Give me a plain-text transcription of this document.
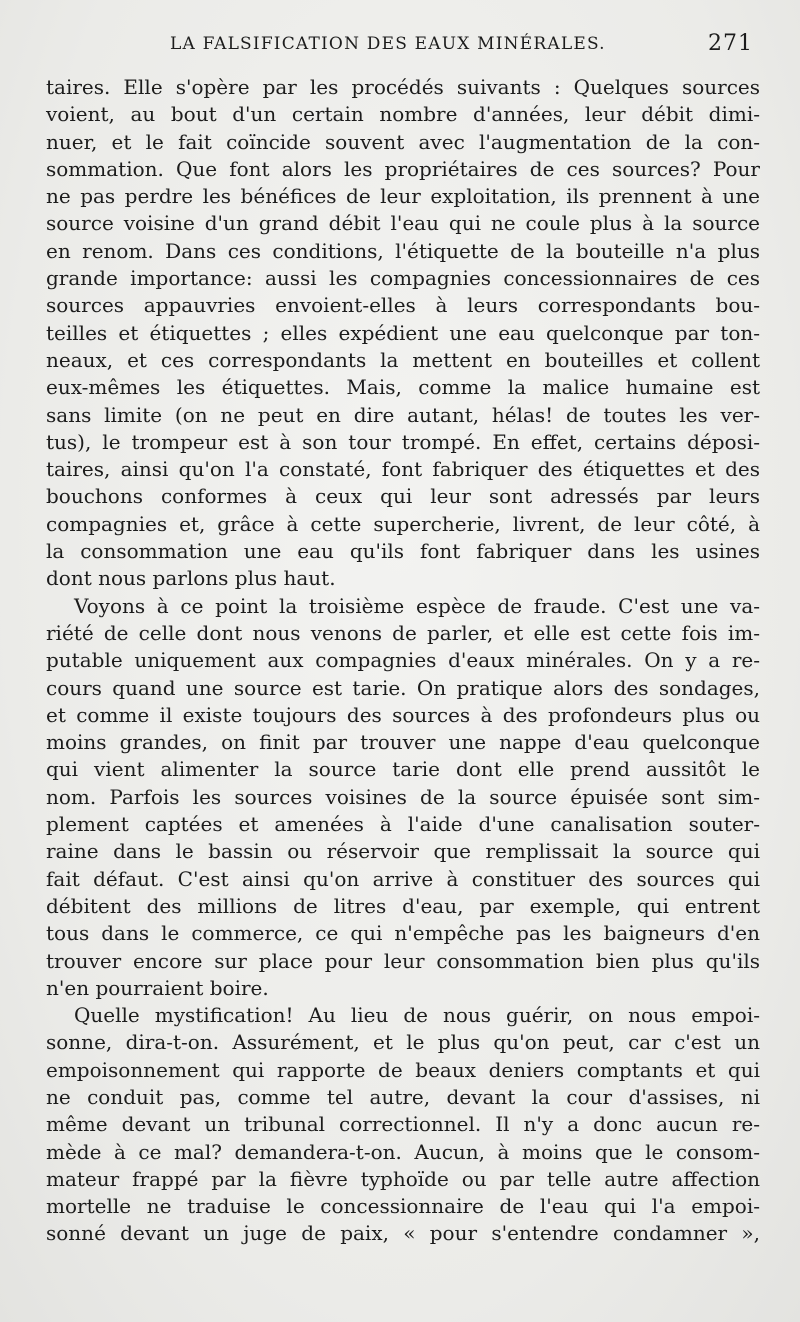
LA FALSIFICATION DES EAUX MINÉRALES.	271
taires. Elle s'opère par les procédés suivants : Quelques sources
voient, au bout d'un certain nombre d'années, leur débit dimi-
nuer, et le fait coïncide souvent avec l'augmentation de la con-
sommation. Que font alors les propriétaires de ces sources? Pour
ne pas perdre les bénéfices de leur exploitation, ils prennent à une
source voisine d'un grand débit l'eau qui ne coule plus à la source
en renom. Dans ces conditions, l'étiquette de la bouteille n'a plus
grande importance: aussi les compagnies concessionnaires de ces
sources appauvries envoient-elles à leurs correspondants bou-
teilles et étiquettes ; elles expédient une eau quelconque par ton-
neaux, et ces correspondants la mettent en bouteilles et collent
eux-mêmes les étiquettes. Mais, comme la malice humaine est
sans limite (on ne peut en dire autant, hélas! de toutes les ver-
tus), le trompeur est à son tour trompé. En effet, certains déposi-
taires, ainsi qu'on l'a constaté, font fabriquer des étiquettes et des
bouchons conformes à ceux qui leur sont adressés par leurs
compagnies et, grâce à cette supercherie, livrent, de leur côté, à
la consommation une eau qu'ils font fabriquer dans les usines
dont nous parlons plus haut.
Voyons à ce point la troisième espèce de fraude. C'est une va-
riété de celle dont nous venons de parler, et elle est cette fois im-
putable uniquement aux compagnies d'eaux minérales. On y a re-
cours quand une source est tarie. On pratique alors des sondages,
et comme il existe toujours des sources à des profondeurs plus ou
moins grandes, on finit par trouver une nappe d'eau quelconque
qui vient alimenter la source tarie dont elle prend aussitôt le
nom. Parfois les sources voisines de la source épuisée sont sim-
plement captées et amenées à l'aide d'une canalisation souter-
raine dans le bassin ou réservoir que remplissait la source qui
fait défaut. C'est ainsi qu'on arrive à constituer des sources qui
débitent des millions de litres d'eau, par exemple, qui entrent
tous dans le commerce, ce qui n'empêche pas les baigneurs d'en
trouver encore sur place pour leur consommation bien plus qu'ils
n'en pourraient boire.
Quelle mystification! Au lieu de nous guérir, on nous empoi-
sonne, dira-t-on. Assurément, et le plus qu'on peut, car c'est un
empoisonnement qui rapporte de beaux deniers comptants et qui
ne conduit pas, comme tel autre, devant la cour d'assises, ni
même devant un tribunal correctionnel. Il n'y a donc aucun re-
mède à ce mal? demandera-t-on. Aucun, à moins que le consom-
mateur frappé par la fièvre typhoïde ou par telle autre affection
mortelle ne traduise le concessionnaire de l'eau qui l'a empoi-
sonné devant un juge de paix, « pour s'entendre condamner »,
